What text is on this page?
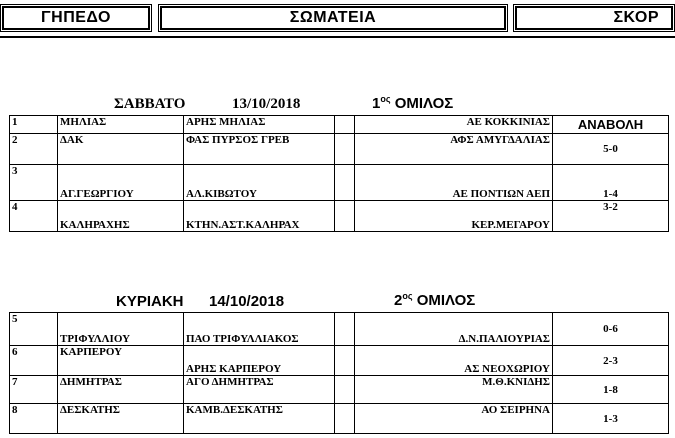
ΓΗΠΕΔΟ	ΣΩΜΑΤΕΙΑ	ΣΚΟΡ
ΣΑΒΒΑΤΟ	13/10/2018	$1^{o\varsigma}$ ΟΜΙΛΟΣ
1	ΜΗΛΙΑΣ	ΑΡΗΣ ΜΗΛΙΑΣ		ΑΕ ΚΟΚΚΙΝΙΑΣ	ΑΝΑΒΟΛΗ
2	ΔΑΚ	ΦΑΣ ΠΥΡΣΟΣ ΓΡΕΒ		ΑΦΣ ΑΜΥΓΔΑΛΙΑΣ	5-0
3	ΑΓ.ΓΕΩΡΓΙΟΥ	ΑΛ.ΚΙΒΩΤΟΥ		ΑΕ ΠΟΝΤΙΩΝ ΑΕΠ	1-4
4	ΚΑΛΗΡΑΧΗΣ	ΚΤΗΝ.ΑΣΤ.ΚΑΛΗΡΑΧ		ΚΕΡ.ΜΕΓΑΡΟΥ	3-2
ΚΥΡΙΑΚΗ 14/10/2018	$2^{o\varsigma}$ ΟΜΙΛΟΣ
5	ΤΡΙΦΥΛΛΙΟΥ	ΠΑΟ ΤΡΙΦΥΛΛΙΑΚΟΣ		Δ.Ν.ΠΑΛΙΟΥΡΙΑΣ	0-6
6	ΚΑΡΠΕΡΟΥ	ΑΡΗΣ ΚΑΡΠΕΡΟΥ		ΑΣ ΝΕΟΧΩΡΙΟΥ	2-3
7	ΔΗΜΗΤΡΑΣ	ΑΓΟ ΔΗΜΗΤΡΑΣ		Μ.Θ.ΚΝΙΔΗΣ	1-8
8	ΔΕΣΚΑΤΗΣ	ΚΑΜΒ.ΔΕΣΚΑΤΗΣ		ΑΟ ΣΕΙΡΗΝΑ	1-3
